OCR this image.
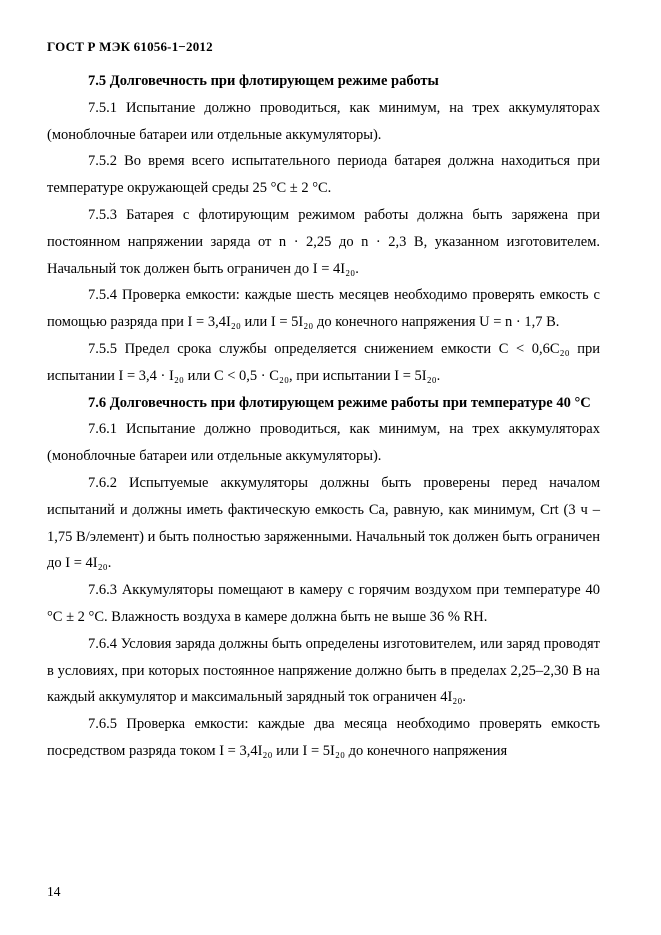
ГОСТ Р МЭК 61056-1−2012

7.5 Долговечность при флотирующем режиме работы

7.5.1 Испытание должно проводиться, как минимум, на трех аккумуляторах (моноблочные батареи или отдельные аккумуляторы).

7.5.2 Во время всего испытательного периода батарея должна находиться при температуре окружающей среды 25 °С ± 2 °С.

7.5.3 Батарея с флотирующим режимом работы должна быть заряжена при постоянном напряжении заряда от n · 2,25 до n · 2,3 В, указанном изготовителем. Начальный ток должен быть ограничен до I = 4I₂₀.

7.5.4 Проверка емкости: каждые шесть месяцев необходимо проверять емкость с помощью разряда при I = 3,4I₂₀ или I = 5I₂₀ до конечного напряжения U = n · 1,7 В.

7.5.5 Предел срока службы определяется снижением емкости C < 0,6C₂₀ при испытании I = 3,4 · I₂₀ или C < 0,5 · C₂₀, при испытании I = 5I₂₀.

7.6 Долговечность при флотирующем режиме работы при температуре 40 °С

7.6.1 Испытание должно проводиться, как минимум, на трех аккумуляторах (моноблочные батареи или отдельные аккумуляторы).

7.6.2 Испытуемые аккумуляторы должны быть проверены перед началом испытаний и должны иметь фактическую емкость Ca, равную, как минимум, Crt (3 ч – 1,75 В/элемент) и быть полностью заряженными. Начальный ток должен быть ограничен до I = 4I₂₀.

7.6.3 Аккумуляторы помещают в камеру с горячим воздухом при температуре 40 °С ± 2 °С. Влажность воздуха в камере должна быть не выше 36 % RH.

7.6.4 Условия заряда должны быть определены изготовителем, или заряд проводят в условиях, при которых постоянное напряжение должно быть в пределах 2,25–2,30 В на каждый аккумулятор и максимальный зарядный ток ограничен 4I₂₀.

7.6.5 Проверка емкости: каждые два месяца необходимо проверять емкость посредством разряда током I = 3,4I₂₀ или I = 5I₂₀ до конечного напряжения

14
